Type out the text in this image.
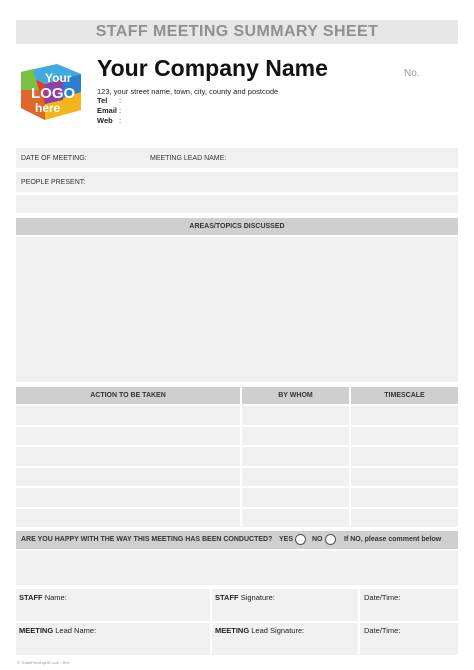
STAFF MEETING SUMMARY SHEET
Your
LOGO
here
Your Company Name
123, your street name, town, city, county and postcode
Tel :
Email :
Web :
No.
DATE OF MEETING:	MEETING LEAD NAME:
PEOPLE PRESENT:
AREAS/TOPICS DISCUSSED
ACTION TO BE TAKEN	BY WHOM	TIMESCALE
ARE YOU HAPPY WITH THE WAY THIS MEETING HAS BEEN CONDUCTED? YES	NO	If NO, please comment below
STAFF Name:	STAFF Signature:	Date/Time:
MEETING Lead Name:	MEETING Lead Signature:	Date/Time:
© TradePrintingUK.com - Ref:
